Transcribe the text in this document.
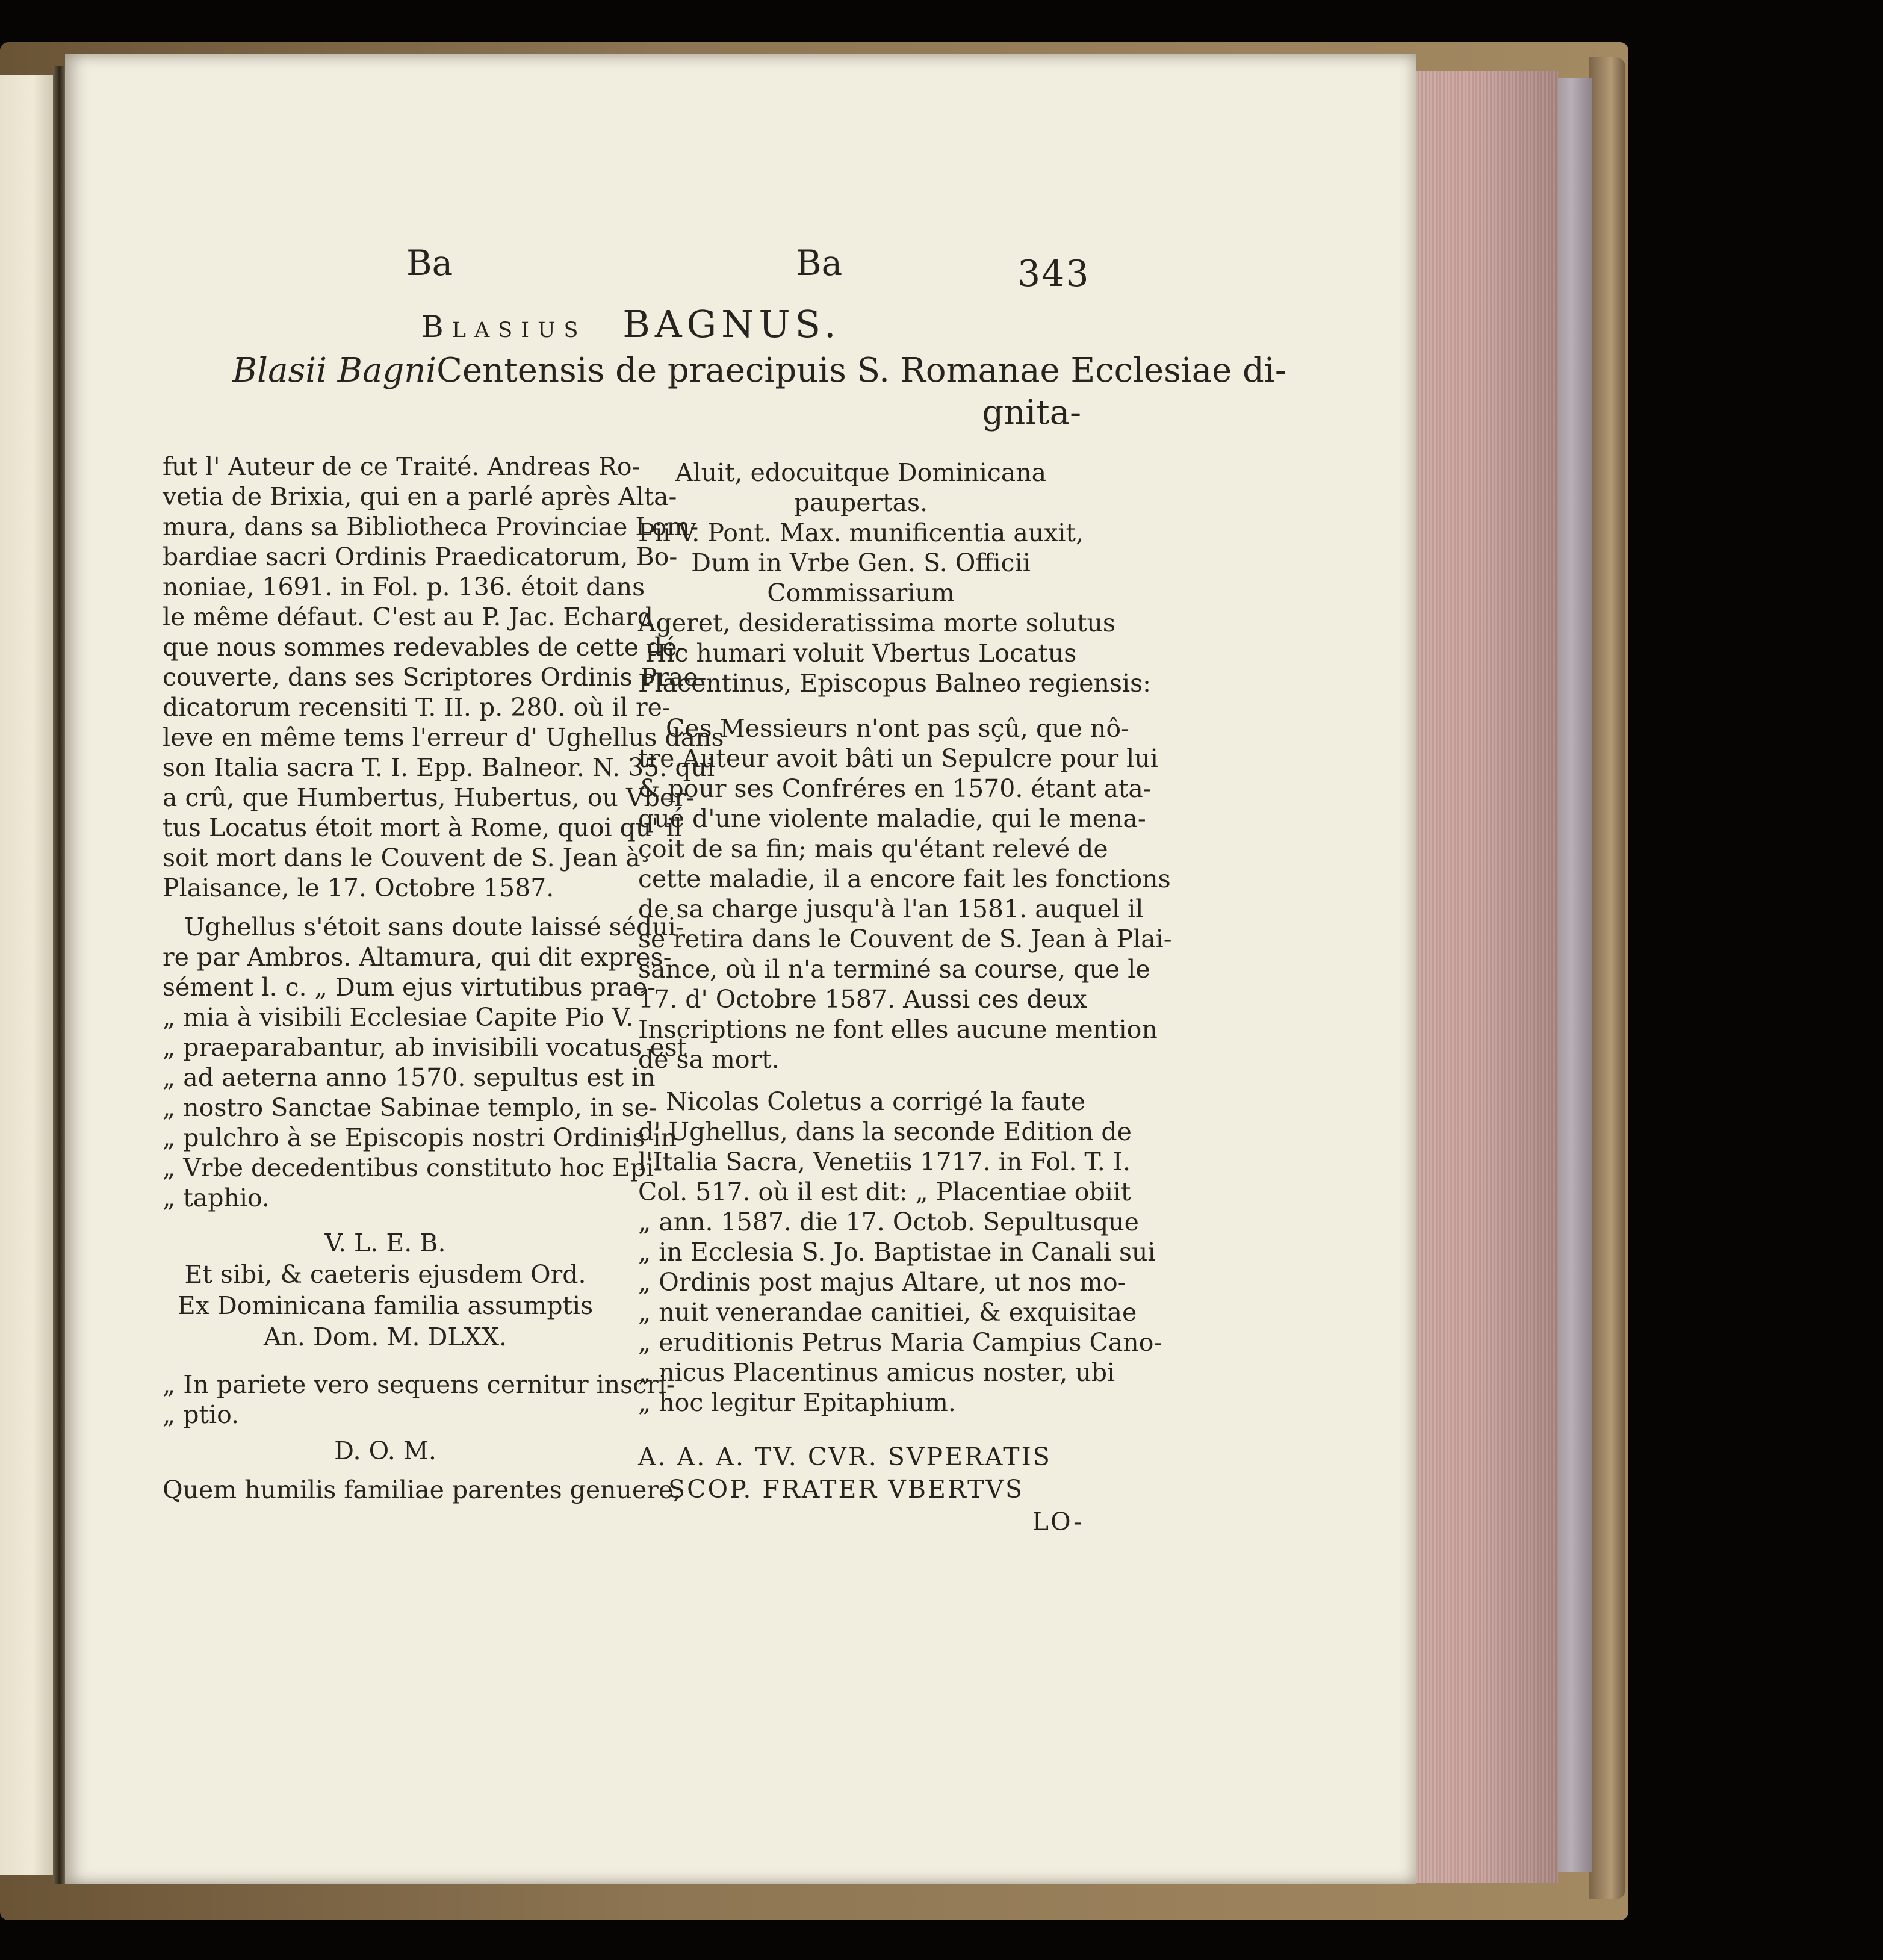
Ba	Ba	343
Blasius BAGNUS.
Blasii Bagni Centensis de praecipuis S. Romanae Ecclesiae di-
gnita-
fut l' Auteur de ce Traité. Andreas Ro-
vetia de Brixia, qui en a parlé après Alta-
mura, dans sa Bibliotheca Provinciae Lom-
bardiae sacri Ordinis Praedicatorum, Bo-
noniae, 1691. in Fol. p. 136. étoit dans
le même défaut. C'est au P. Jac. Echard
que nous sommes redevables de cette dé-
couverte, dans ses Scriptores Ordinis Prae-
dicatorum recensiti T. II. p. 280. où il re-
leve en même tems l'erreur d' Ughellus dans
son Italia sacra T. I. Epp. Balneor. N. 35. qui
a crû, que Humbertus, Hubertus, ou Vber-
tus Locatus étoit mort à Rome, quoi qu' il
soit mort dans le Couvent de S. Jean à
Plaisance, le 17. Octobre 1587.
Ughellus s'étoit sans doute laissé sédui-
re par Ambros. Altamura, qui dit expres-
sément l. c. „ Dum ejus virtutibus prae-
„ mia à visibili Ecclesiae Capite Pio V.
„ praeparabantur, ab invisibili vocatus est
„ ad aeterna anno 1570. sepultus est in
„ nostro Sanctae Sabinae templo, in se-
„ pulchro à se Episcopis nostri Ordinis in
„ Vrbe decedentibus constituto hoc Epi-
„ taphio.
V. L. E. B.
Et sibi, & caeteris ejusdem Ord.
Ex Dominicana familia assumptis
An. Dom. M. DLXX.
„ In pariete vero sequens cernitur inscri-
„ ptio.
D. O. M.
Quem humilis familiae parentes genuere,
Aluit, edocuitque Dominicana
paupertas.
Pii V. Pont. Max. munificentia auxit,
Dum in Vrbe Gen. S. Officii
Commissarium
Ageret, desideratissima morte solutus
Hic humari voluit Vbertus Locatus
Placentinus, Episcopus Balneo regiensis:
Ces Messieurs n'ont pas sçû, que nô-
tre Auteur avoit bâti un Sepulcre pour lui
& pour ses Confréres en 1570. étant ata-
qué d'une violente maladie, qui le mena-
çoit de sa fin; mais qu'étant relevé de
cette maladie, il a encore fait les fonctions
de sa charge jusqu'à l'an 1581. auquel il
se retira dans le Couvent de S. Jean à Plai-
sance, où il n'a terminé sa course, que le
17. d' Octobre 1587. Aussi ces deux
Inscriptions ne font elles aucune mention
de sa mort.
Nicolas Coletus a corrigé la faute
d' Ughellus, dans la seconde Edition de
l'Italia Sacra, Venetiis 1717. in Fol. T. I.
Col. 517. où il est dit: „ Placentiae obiit
„ ann. 1587. die 17. Octob. Sepultusque
„ in Ecclesia S. Jo. Baptistae in Canali sui
„ Ordinis post majus Altare, ut nos mo-
„ nuit venerandae canitiei, & exquisitae
„ eruditionis Petrus Maria Campius Cano-
„ nicus Placentinus amicus noster, ubi
„ hoc legitur Epitaphium.
A. A. A. TV. CVR. SVPERATIS
SCOP. FRATER VBERTVS
LO-
